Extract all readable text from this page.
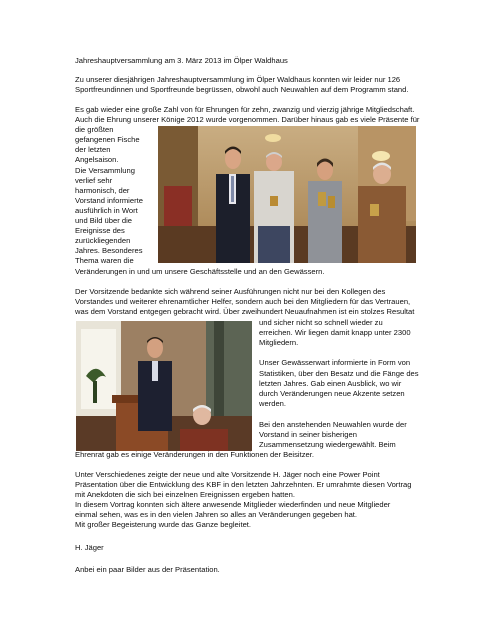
Jahreshauptversammlung am 3. März 2013 im Ölper Waldhaus
Zu unserer diesjährigen Jahreshauptversammlung im Ölper Waldhaus konnten wir leider nur 126
Sportfreundinnen und Sportfreunde begrüssen, obwohl auch Neuwahlen auf dem Programm stand.
Es gab wieder eine große Zahl von für Ehrungen für zehn, zwanzig und vierzig jährige Mitgliedschaft.
Auch die Ehrung unserer Könige 2012 wurde vorgenommen. Darüber hinaus gab es viele Präsente für
die größten
gefangenen Fische
der letzten
Angelsaison.
Die Versammlung
verlief sehr
harmonisch, der
Vorstand informierte
ausführlich in Wort
und Bild über die
Ereignisse des
zurückliegenden
Jahres. Besonderes
Thema waren die
Veränderungen in und um unsere Geschäftsstelle und an den Gewässern.
Der Vorsitzende bedankte sich während seiner Ausführungen nicht nur bei den Kollegen des
Vorstandes und weiterer ehrenamtlicher Helfer, sondern auch bei den Mitgliedern für das Vertrauen,
was dem Vorstand entgegen gebracht wird. Über zweihundert Neuaufnahmen ist ein stolzes Resultat
und sicher nicht so schnell wieder zu
erreichen. Wir liegen damit knapp unter 2300
Mitgliedern.
Unser Gewässerwart informierte in Form von
Statistiken, über den Besatz und die Fänge des
letzten Jahres. Gab einen Ausblick, wo wir
durch Veränderungen neue Akzente setzen
werden.
Bei den anstehenden Neuwahlen wurde der
Vorstand in seiner bisherigen
Zusammensetzung wiedergewählt. Beim
Ehrenrat gab es einige Veränderungen in den Funktionen der Beisitzer.
Unter Verschiedenes zeigte der neue und alte Vorsitzende H. Jäger noch eine Power Point
Präsentation über die Entwicklung des KBF in den letzten Jahrzehnten. Er umrahmte diesen Vortrag
mit Anekdoten die sich bei einzelnen Ereignissen ergeben hatten.
In diesem Vortrag konnten sich ältere anwesende Mitglieder wiederfinden und neue Mitglieder
einmal sehen, was es in den vielen Jahren so alles an Veränderungen gegeben hat.
Mit großer Begeisterung wurde das Ganze begleitet.
H. Jäger
Anbei ein paar Bilder aus der Präsentation.
